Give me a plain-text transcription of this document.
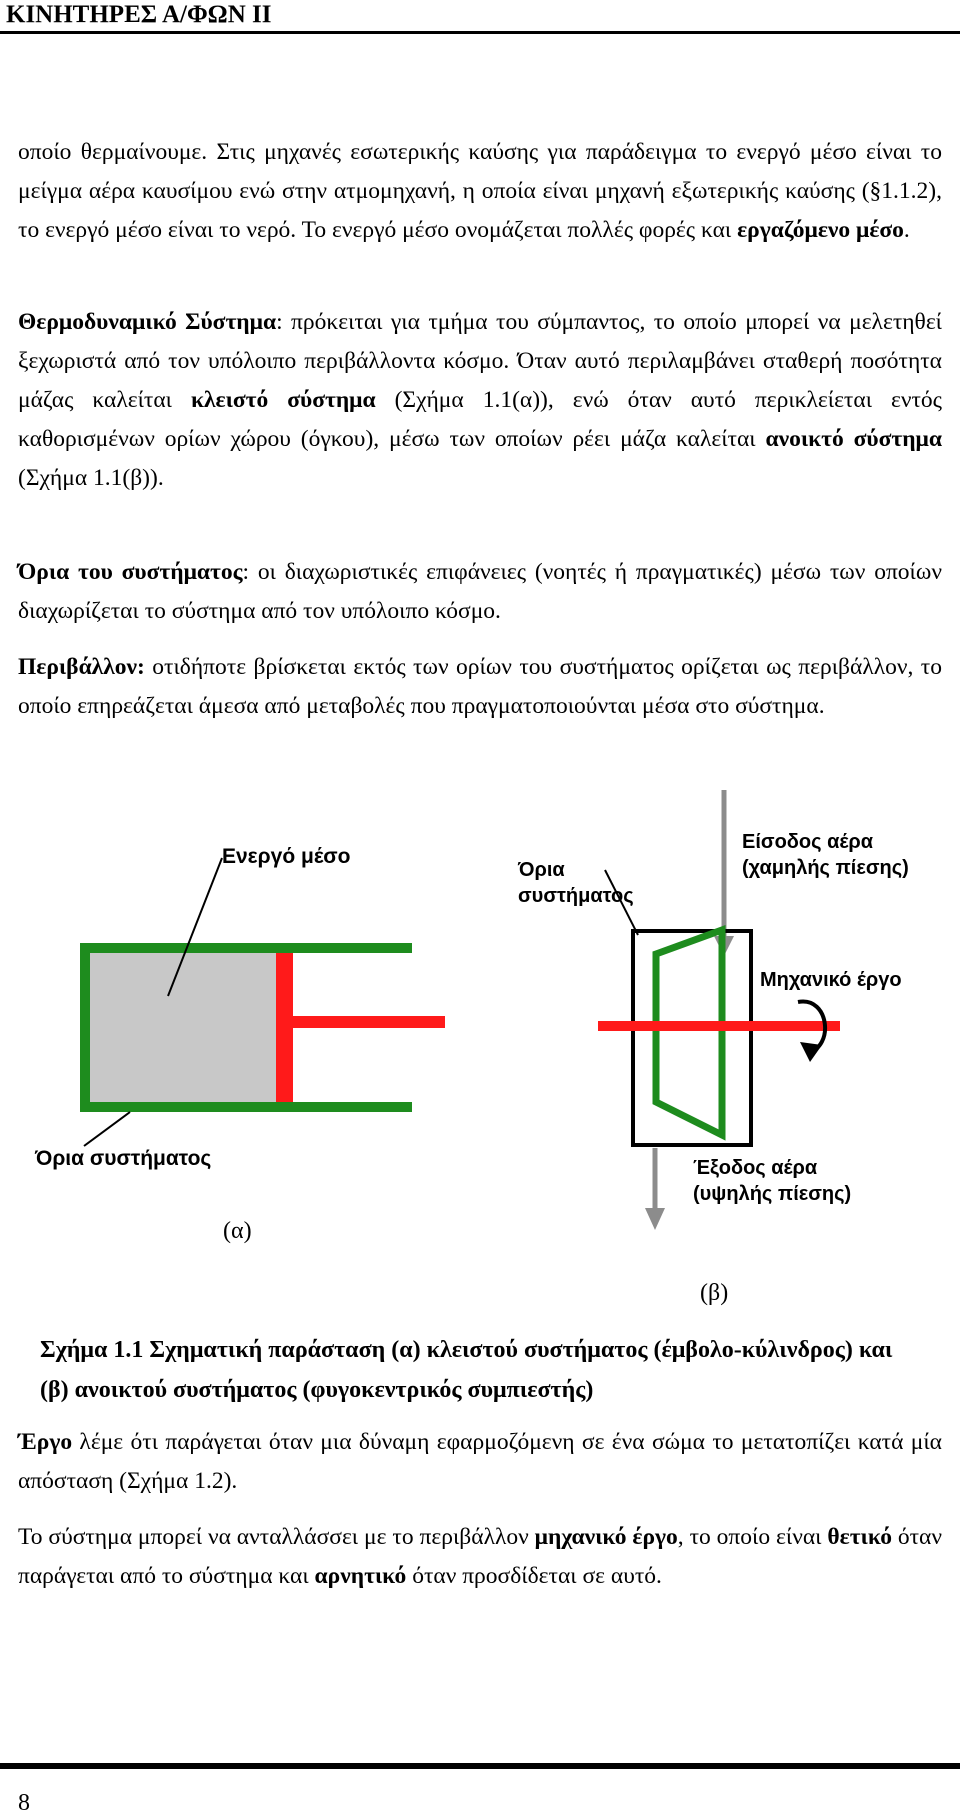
ΚΙΝΗΤΗΡΕΣ Α/ΦΩΝ ΙΙ

οποίο θερμαίνουμε. Στις μηχανές εσωτερικής καύσης για παράδειγμα το ενεργό μέσο είναι το μείγμα αέρα καυσίμου ενώ στην ατμομηχανή, η οποία είναι μηχανή εξωτερικής καύσης (§1.1.2), το ενεργό μέσο είναι το νερό. Το ενεργό μέσο ονομάζεται πολλές φορές και εργαζόμενο μέσο.

Θερμοδυναμικό Σύστημα: πρόκειται για τμήμα του σύμπαντος, το οποίο μπορεί να μελετηθεί ξεχωριστά από τον υπόλοιπο περιβάλλοντα κόσμο. Όταν αυτό περιλαμβάνει σταθερή ποσότητα μάζας καλείται κλειστό σύστημα (Σχήμα 1.1(α)), ενώ όταν αυτό περικλείεται εντός καθορισμένων ορίων χώρου (όγκου), μέσω των οποίων ρέει μάζα καλείται ανοικτό σύστημα (Σχήμα 1.1(β)).

Όρια του συστήματος: οι διαχωριστικές επιφάνειες (νοητές ή πραγματικές) μέσω των οποίων διαχωρίζεται το σύστημα από τον υπόλοιπο κόσμο.

Περιβάλλον: οτιδήποτε βρίσκεται εκτός των ορίων του συστήματος ορίζεται ως περιβάλλον, το οποίο επηρεάζεται άμεσα από μεταβολές που πραγματοποιούνται μέσα στο σύστημα.

Ενεργό μέσο
Όρια συστήματος
(α)
Όρια
συστήματος
Είσοδος αέρα
(χαμηλής πίεσης)
Μηχανικό έργο
Έξοδος αέρα
(υψηλής πίεσης)
(β)
Σχήμα 1.1 Σχηματική παράσταση (α) κλειστού συστήματος (έμβολο-κύλινδρος) και (β) ανοικτού συστήματος (φυγοκεντρικός συμπιεστής)

Έργο λέμε ότι παράγεται όταν μια δύναμη εφαρμοζόμενη σε ένα σώμα το μετατοπίζει κατά μία απόσταση (Σχήμα 1.2).

Το σύστημα μπορεί να ανταλλάσσει με το περιβάλλον μηχανικό έργο, το οποίο είναι θετικό όταν παράγεται από το σύστημα και αρνητικό όταν προσδίδεται σε αυτό.

8
